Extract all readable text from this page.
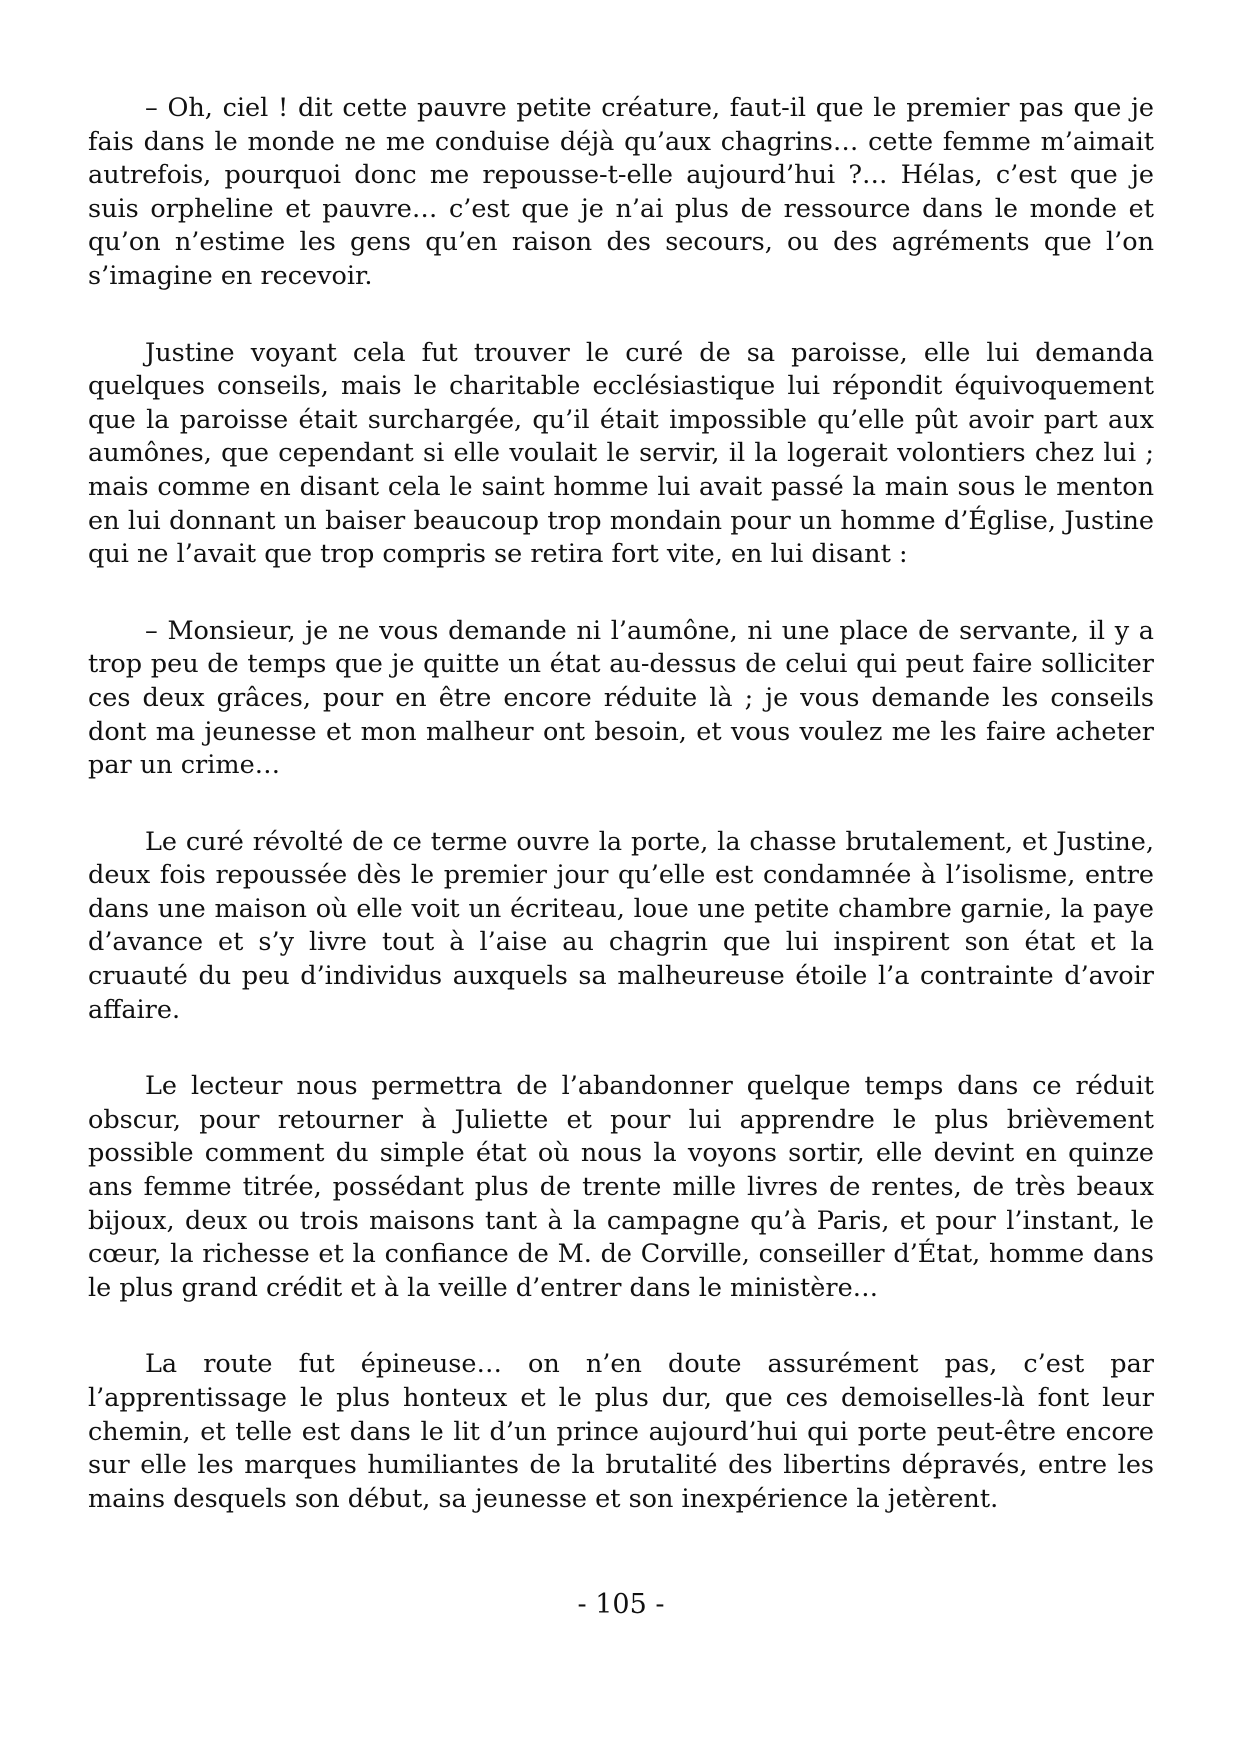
– Oh, ciel ! dit cette pauvre petite créature, faut-il que le premier pas que je fais dans le monde ne me conduise déjà qu’aux chagrins… cette femme m’aimait autrefois, pourquoi donc me repousse-t-elle aujourd’hui ?… Hélas, c’est que je suis orpheline et pauvre… c’est que je n’ai plus de ressource dans le monde et qu’on n’estime les gens qu’en raison des secours, ou des agréments que l’on s’imagine en recevoir.

Justine voyant cela fut trouver le curé de sa paroisse, elle lui demanda quelques conseils, mais le charitable ecclésiastique lui répondit équivoquement que la paroisse était surchargée, qu’il était impossible qu’elle pût avoir part aux aumônes, que cependant si elle voulait le servir, il la logerait volontiers chez lui ; mais comme en disant cela le saint homme lui avait passé la main sous le menton en lui donnant un baiser beaucoup trop mondain pour un homme d’Église, Justine qui ne l’avait que trop compris se retira fort vite, en lui disant :

– Monsieur, je ne vous demande ni l’aumône, ni une place de servante, il y a trop peu de temps que je quitte un état au-dessus de celui qui peut faire solliciter ces deux grâces, pour en être encore réduite là ; je vous demande les conseils dont ma jeunesse et mon malheur ont besoin, et vous voulez me les faire acheter par un crime…

Le curé révolté de ce terme ouvre la porte, la chasse brutalement, et Justine, deux fois repoussée dès le premier jour qu’elle est condamnée à l’isolisme, entre dans une maison où elle voit un écriteau, loue une petite chambre garnie, la paye d’avance et s’y livre tout à l’aise au chagrin que lui inspirent son état et la cruauté du peu d’individus auxquels sa malheureuse étoile l’a contrainte d’avoir affaire.

Le lecteur nous permettra de l’abandonner quelque temps dans ce réduit obscur, pour retourner à Juliette et pour lui apprendre le plus brièvement possible comment du simple état où nous la voyons sortir, elle devint en quinze ans femme titrée, possédant plus de trente mille livres de rentes, de très beaux bijoux, deux ou trois maisons tant à la campagne qu’à Paris, et pour l’instant, le cœur, la richesse et la confiance de M. de Corville, conseiller d’État, homme dans le plus grand crédit et à la veille d’entrer dans le ministère…

La route fut épineuse… on n’en doute assurément pas, c’est par l’apprentissage le plus honteux et le plus dur, que ces demoiselles-là font leur chemin, et telle est dans le lit d’un prince aujourd’hui qui porte peut-être encore sur elle les marques humiliantes de la brutalité des libertins dépravés, entre les mains desquels son début, sa jeunesse et son inexpérience la jetèrent.

- 105 -
